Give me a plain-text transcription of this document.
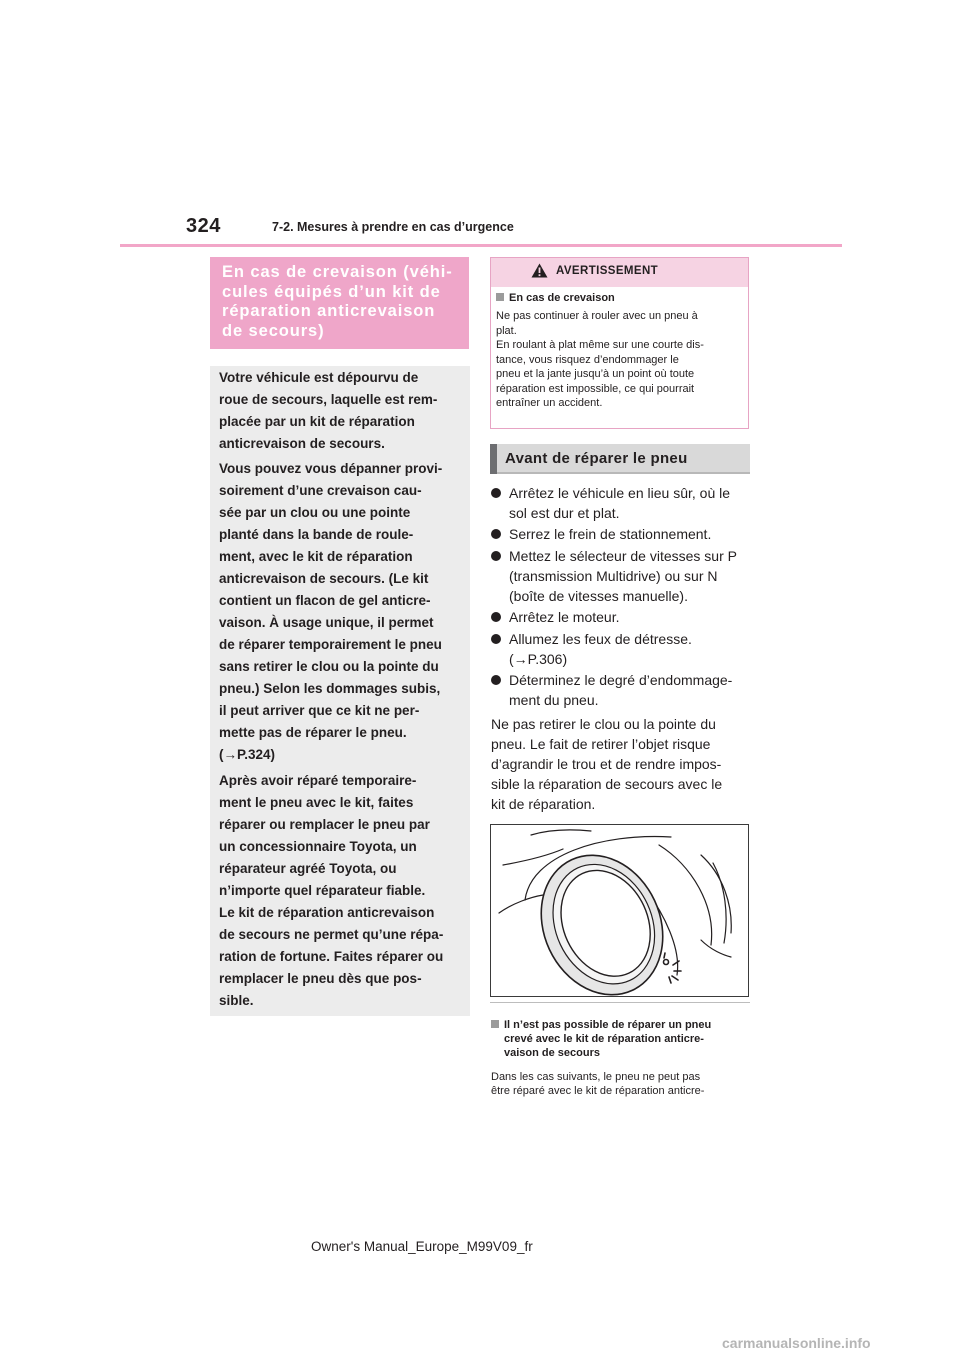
324	7-2. Mesures à prendre en cas d’urgence
En cas de crevaison (véhi-
cules équipés d’un kit de
réparation anticrevaison
de secours)

Votre véhicule est dépourvu de
roue de secours, laquelle est rem-
placée par un kit de réparation
anticrevaison de secours.

Vous pouvez vous dépanner provi-
soirement d’une crevaison cau-
sée par un clou ou une pointe
planté dans la bande de roule-
ment, avec le kit de réparation
anticrevaison de secours. (Le kit
contient un flacon de gel anticre-
vaison. À usage unique, il permet
de réparer temporairement le pneu
sans retirer le clou ou la pointe du
pneu.) Selon les dommages subis,
il peut arriver que ce kit ne per-
mette pas de réparer le pneu.
(→P.324)

Après avoir réparé temporaire-
ment le pneu avec le kit, faites
réparer ou remplacer le pneu par
un concessionnaire Toyota, un
réparateur agréé Toyota, ou
n’importe quel réparateur fiable.
Le kit de réparation anticrevaison
de secours ne permet qu’une répa-
ration de fortune. Faites réparer ou
remplacer le pneu dès que pos-
sible.

AVERTISSEMENT
En cas de crevaison

Ne pas continuer à rouler avec un pneu à
plat.
En roulant à plat même sur une courte dis-
tance, vous risquez d’endommager le
pneu et la jante jusqu’à un point où toute
réparation est impossible, ce qui pourrait
entraîner un accident.

Avant de réparer le pneu
Arrêtez le véhicule en lieu sûr, où le
sol est dur et plat.
Serrez le frein de stationnement.
Mettez le sélecteur de vitesses sur P
(transmission Multidrive) ou sur N
(boîte de vitesses manuelle).
Arrêtez le moteur.
Allumez les feux de détresse.
(→P.306)
Déterminez le degré d’endommage-
ment du pneu.

Ne pas retirer le clou ou la pointe du
pneu. Le fait de retirer l’objet risque
d’agrandir le trou et de rendre impos-
sible la réparation de secours avec le
kit de réparation.

Il n’est pas possible de réparer un pneu
crevé avec le kit de réparation anticre-
vaison de secours
Dans les cas suivants, le pneu ne peut pas
être réparé avec le kit de réparation anticre-
Owner's Manual_Europe_M99V09_fr
carmanualsonline.info
